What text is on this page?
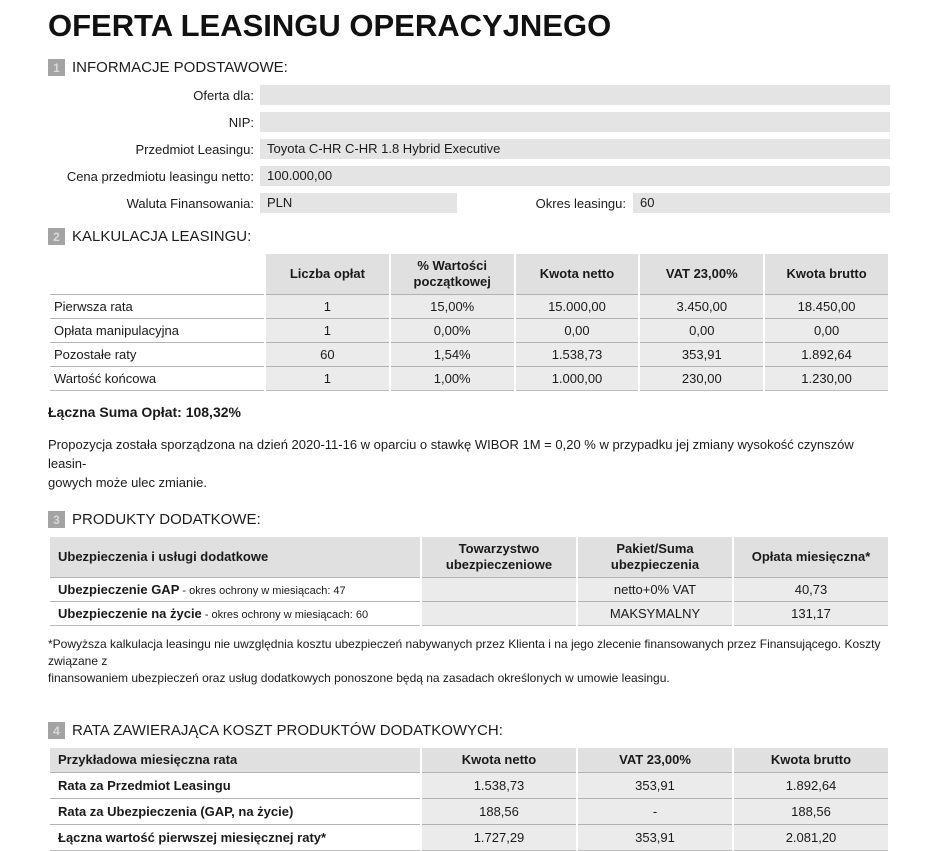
OFERTA LEASINGU OPERACYJNEGO
1 INFORMACJE PODSTAWOWE:
Oferta dla:
NIP:
Przedmiot Leasingu:	Toyota C-HR C-HR 1.8 Hybrid Executive
Cena przedmiotu leasingu netto:	100.000,00
Waluta Finansowania:	PLN	Okres leasingu:	60
2 KALKULACJA LEASINGU:
	Liczba opłat	% Wartości początkowej	Kwota netto	VAT 23,00%	Kwota brutto
Pierwsza rata	1	15,00%	15.000,00	3.450,00	18.450,00
Opłata manipulacyjna	1	0,00%	0,00	0,00	0,00
Pozostałe raty	60	1,54%	1.538,73	353,91	1.892,64
Wartość końcowa	1	1,00%	1.000,00	230,00	1.230,00
Łączna Suma Opłat: 108,32%
Propozycja została sporządzona na dzień 2020-11-16 w oparciu o stawkę WIBOR 1M = 0,20 % w przypadku jej zmiany wysokość czynszów leasin-
gowych może ulec zmianie.
3 PRODUKTY DODATKOWE:
Ubezpieczenia i usługi dodatkowe	Towarzystwo ubezpieczeniowe	Pakiet/Suma ubezpieczenia	Opłata miesięczna*
Ubezpieczenie GAP - okres ochrony w miesiącach: 47		netto+0% VAT	40,73
Ubezpieczenie na życie - okres ochrony w miesiącach: 60		MAKSYMALNY	131,17
*Powyższa kalkulacja leasingu nie uwzględnia kosztu ubezpieczeń nabywanych przez Klienta i na jego zlecenie finansowanych przez Finansującego. Koszty związane z
finansowaniem ubezpieczeń oraz usług dodatkowych ponoszone będą na zasadach określonych w umowie leasingu.
4 RATA ZAWIERAJĄCA KOSZT PRODUKTÓW DODATKOWYCH:
Przykładowa miesięczna rata	Kwota netto	VAT 23,00%	Kwota brutto
Rata za Przedmiot Leasingu	1.538,73	353,91	1.892,64
Rata za Ubezpieczenia (GAP, na życie)	188,56	-	188,56
Łączna wartość pierwszej miesięcznej raty*	1.727,29	353,91	2.081,20
